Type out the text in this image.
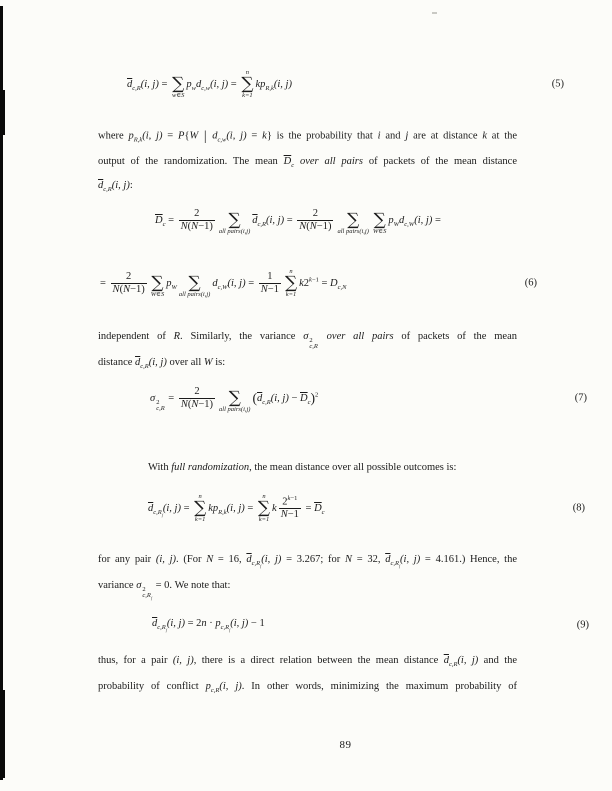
$\overline{d}_{c,R}(i$, j) =
∑
w∈S
$p_wd_{c,w}(i$, j) =
n
∑
k=1
$kp_{R,k}(i$, j)	(5)
where $p_{R,k}(i$, j) = P{W | $d_{c,w}(i$, j) = k} is the probability that i and j are at distance k at the
output of the randomization. The mean $\overline{D}_c$ over all pairs of packets of the mean distance
$\overline{d}_{c,R}(i$, j):
$\overline{D}_c = \frac{2}{N(N-1)}$
∑
all pairs(i,j)
$\overline{d}_{c,R}(i$, $j) = \frac{2}{N(N-1)}$
∑
all pairs(i,j)

∑
W∈S
$p_Wd_{c,W}(i$, j) =
= $\frac{2}{N(N-1)}$
∑
W∈S
$p_W$
∑
all pairs(i,j)
$d_{c,W}(i$, $j) = \frac{1}{N-1}$ n
∑
k=1
$k2^{k-1} = D_{c,N}$	(6)
independent of R. Similarly, the variance σ 2
c,R
over all pairs of packets of the mean
distance $\overline{d}_{c,R}(i$, j) over all W is:
σ 2
c,R
= $\frac{2}{N(N-1)}$
∑
all pairs(i,j)
($\overline{d}_{c,R}(i$, $j) - \overline{D}_c)^2$	(7)
With full randomization, the mean distance over all possible outcomes is:
$\overline{d}_{c,R_f}(i$, j) =
n
∑
k=1
$kp_{R,k}(i$, j) =
n
∑
k=1
k $\frac{2^{k-1}}{N-1} = \overline{D}_c$	(8)
for any pair (i, j). (For N = 16, $\overline{d}_{c,R_f}(i$, j) = 3.267; for N = 32, $\overline{d}_{c,R_f}(i$, j) = 4.161.) Hence, the
variance σ 2
$c,R_f$
= 0. We note that:
$\overline{d}_{c,R_f}(i$, $j) = 2n \cdot p_{c,R_f}(i$, j) − 1	(9)
thus, for a pair (i, j), there is a direct relation between the mean distance $\overline{d}_{c,R}(i$, j) and the
probability of conflict $p_{c,R}(i$, j). In other words, minimizing the maximum probability of
89
